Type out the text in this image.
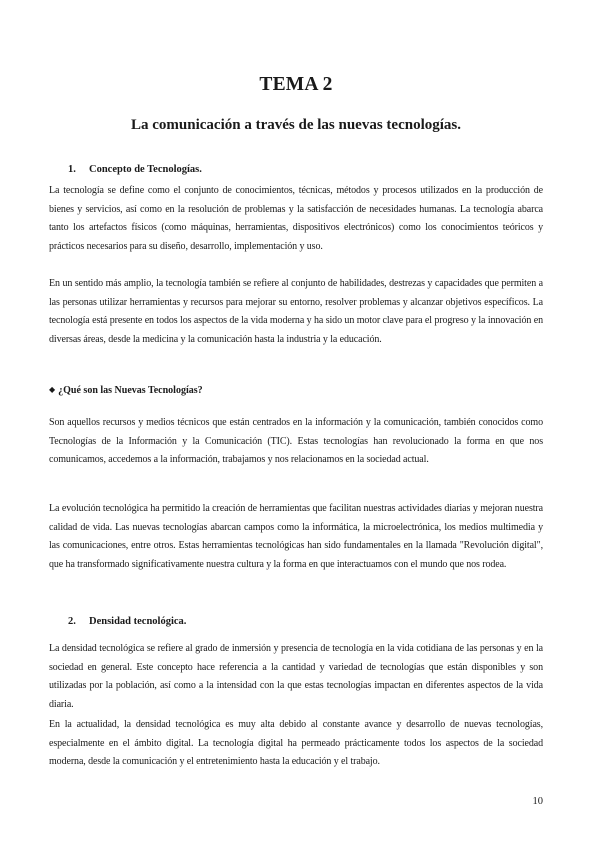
TEMA 2
La comunicación a través de las nuevas tecnologías.
1. Concepto de Tecnologías.
La tecnología se define como el conjunto de conocimientos, técnicas, métodos y procesos utilizados en la producción de bienes y servicios, así como en la resolución de problemas y la satisfacción de necesidades humanas. La tecnología abarca tanto los artefactos físicos (como máquinas, herramientas, dispositivos electrónicos) como los conocimientos teóricos y prácticos necesarios para su diseño, desarrollo, implementación y uso.
En un sentido más amplio, la tecnología también se refiere al conjunto de habilidades, destrezas y capacidades que permiten a las personas utilizar herramientas y recursos para mejorar su entorno, resolver problemas y alcanzar objetivos específicos. La tecnología está presente en todos los aspectos de la vida moderna y ha sido un motor clave para el progreso y la innovación en diversas áreas, desde la medicina y la comunicación hasta la industria y la educación.
◆ ¿Qué son las Nuevas Tecnologías?
Son aquellos recursos y medios técnicos que están centrados en la información y la comunicación, también conocidos como Tecnologías de la Información y la Comunicación (TIC). Estas tecnologías han revolucionado la forma en que nos comunicamos, accedemos a la información, trabajamos y nos relacionamos en la sociedad actual.
La evolución tecnológica ha permitido la creación de herramientas que facilitan nuestras actividades diarias y mejoran nuestra calidad de vida. Las nuevas tecnologías abarcan campos como la informática, la microelectrónica, los medios multimedia y las comunicaciones, entre otros. Estas herramientas tecnológicas han sido fundamentales en la llamada "Revolución digital", que ha transformado significativamente nuestra cultura y la forma en que interactuamos con el mundo que nos rodea.
2. Densidad tecnológica.
La densidad tecnológica se refiere al grado de inmersión y presencia de tecnología en la vida cotidiana de las personas y en la sociedad en general. Este concepto hace referencia a la cantidad y variedad de tecnologías que están disponibles y son utilizadas por la población, así como a la intensidad con la que estas tecnologías impactan en diferentes aspectos de la vida diaria.
En la actualidad, la densidad tecnológica es muy alta debido al constante avance y desarrollo de nuevas tecnologías, especialmente en el ámbito digital. La tecnología digital ha permeado prácticamente todos los aspectos de la sociedad moderna, desde la comunicación y el entretenimiento hasta la educación y el trabajo.
10
